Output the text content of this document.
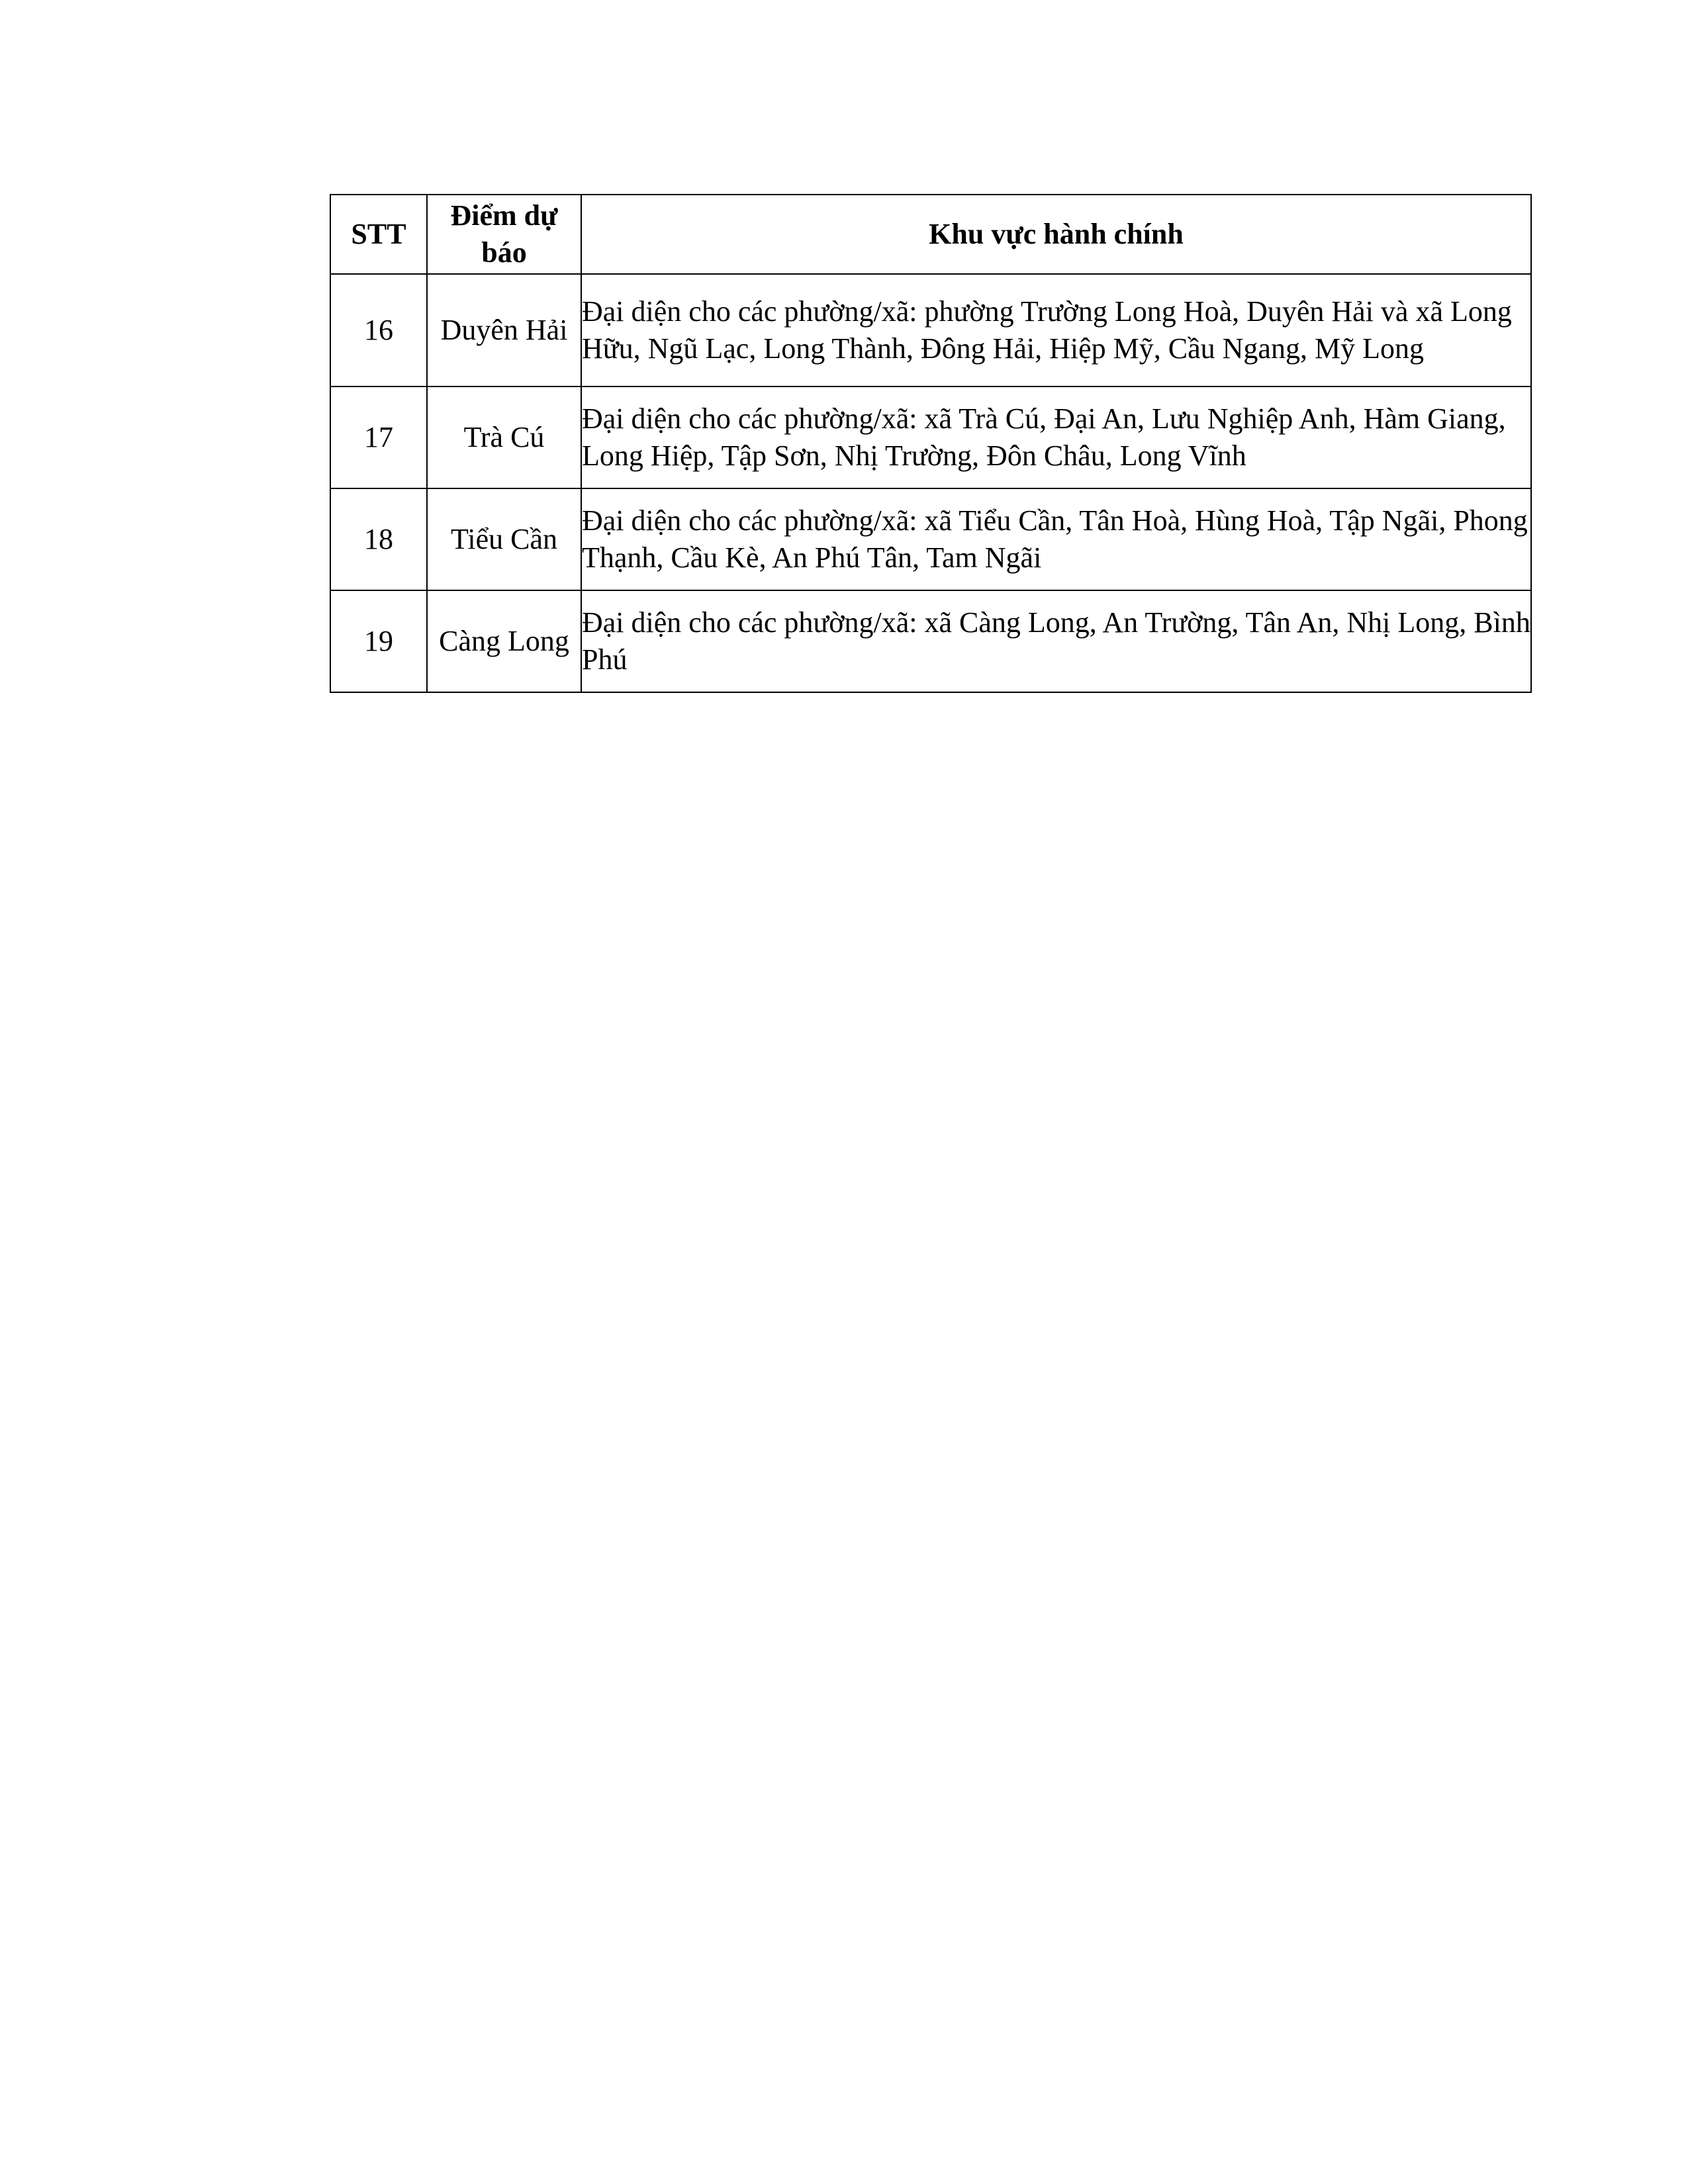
STT	Điểm dự báo	Khu vực hành chính
16	Duyên Hải	Đại diện cho các phường/xã: phường Trường Long Hoà, Duyên Hải và xã Long Hữu, Ngũ Lạc, Long Thành, Đông Hải, Hiệp Mỹ, Cầu Ngang, Mỹ Long
17	Trà Cú	Đại diện cho các phường/xã: xã Trà Cú, Đại An, Lưu Nghiệp Anh, Hàm Giang, Long Hiệp, Tập Sơn, Nhị Trường, Đôn Châu, Long Vĩnh
18	Tiểu Cần	Đại diện cho các phường/xã: xã Tiểu Cần, Tân Hoà, Hùng Hoà, Tập Ngãi, Phong Thạnh, Cầu Kè, An Phú Tân, Tam Ngãi
19	Càng Long	Đại diện cho các phường/xã: xã Càng Long, An Trường, Tân An, Nhị Long, Bình Phú
